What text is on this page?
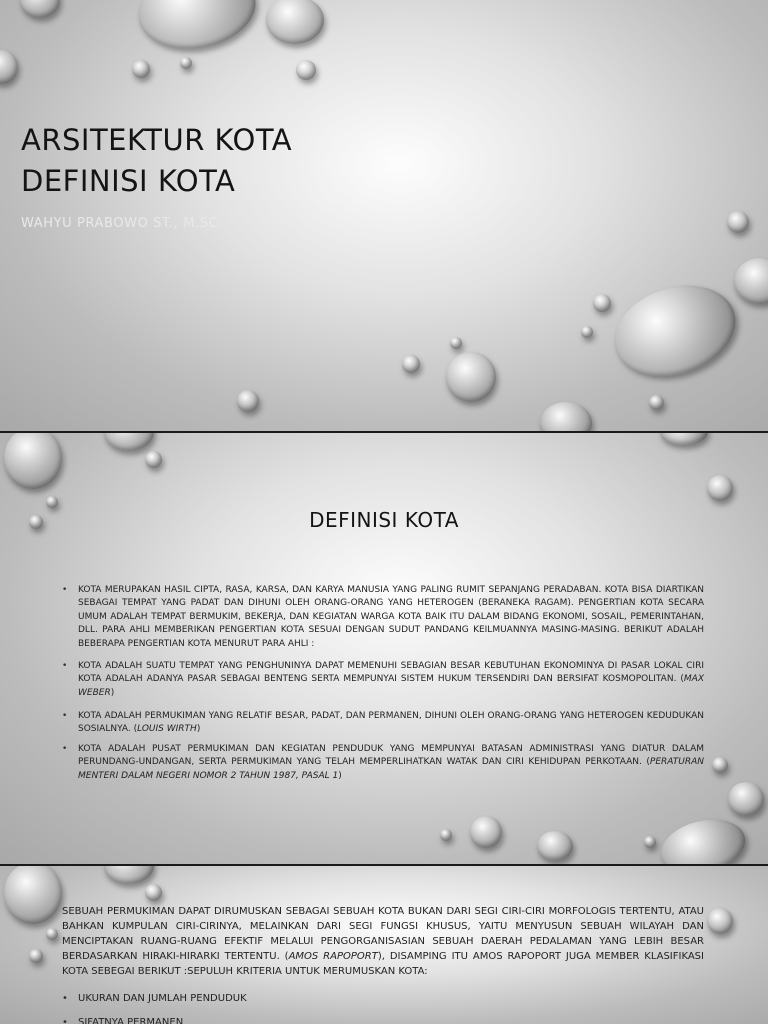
ARSITEKTUR KOTA
DEFINISI KOTA
WAHYU PRABOWO ST., M.SC.
DEFINISI KOTA
• KOTA MERUPAKAN HASIL CIPTA, RASA, KARSA, DAN KARYA MANUSIA YANG PALING RUMIT SEPANJANG PERADABAN. KOTA BISA DIARTIKAN SEBAGAI TEMPAT YANG PADAT DAN DIHUNI OLEH ORANG-ORANG YANG HETEROGEN (BERANEKA RAGAM). PENGERTIAN KOTA SECARA UMUM ADALAH TEMPAT BERMUKIM, BEKERJA, DAN KEGIATAN WARGA KOTA BAIK ITU DALAM BIDANG EKONOMI, SOSAIL, PEMERINTAHAN, DLL. PARA AHLI MEMBERIKAN PENGERTIAN KOTA SESUAI DENGAN SUDUT PANDANG KEILMUANNYA MASING-MASING. BERIKUT ADALAH BEBERAPA PENGERTIAN KOTA MENURUT PARA AHLI :
• KOTA ADALAH SUATU TEMPAT YANG PENGHUNINYA DAPAT MEMENUHI SEBAGIAN BESAR KEBUTUHAN EKONOMINYA DI PASAR LOKAL CIRI KOTA ADALAH ADANYA PASAR SEBAGAI BENTENG SERTA MEMPUNYAI SISTEM HUKUM TERSENDIRI DAN BERSIFAT KOSMOPOLITAN. (MAX WEBER)
• KOTA ADALAH PERMUKIMAN YANG RELATIF BESAR, PADAT, DAN PERMANEN, DIHUNI OLEH ORANG-ORANG YANG HETEROGEN KEDUDUKAN SOSIALNYA. (LOUIS WIRTH)
• KOTA ADALAH PUSAT PERMUKIMAN DAN KEGIATAN PENDUDUK YANG MEMPUNYAI BATASAN ADMINISTRASI YANG DIATUR DALAM PERUNDANG-UNDANGAN, SERTA PERMUKIMAN YANG TELAH MEMPERLIHATKAN WATAK DAN CIRI KEHIDUPAN PERKOTAAN. (PERATURAN MENTERI DALAM NEGERI NOMOR 2 TAHUN 1987, PASAL 1)

SEBUAH PERMUKIMAN DAPAT DIRUMUSKAN SEBAGAI SEBUAH KOTA BUKAN DARI SEGI CIRI-CIRI MORFOLOGIS TERTENTU, ATAU BAHKAN KUMPULAN CIRI-CIRINYA, MELAINKAN DARI SEGI FUNGSI KHUSUS, YAITU MENYUSUN SEBUAH WILAYAH DAN MENCIPTAKAN RUANG-RUANG EFEKTIF MELALUI PENGORGANISASIAN SEBUAH DAERAH PEDALAMAN YANG LEBIH BESAR BERDASARKAN HIRAKI-HIRARKI TERTENTU. (AMOS RAPOPORT), DISAMPING ITU AMOS RAPOPORT JUGA MEMBER KLASIFIKASI KOTA SEBEGAI BERIKUT :SEPULUH KRITERIA UNTUK MERUMUSKAN KOTA:

• UKURAN DAN JUMLAH PENDUDUK
• SIFATNYA PERMANEN
